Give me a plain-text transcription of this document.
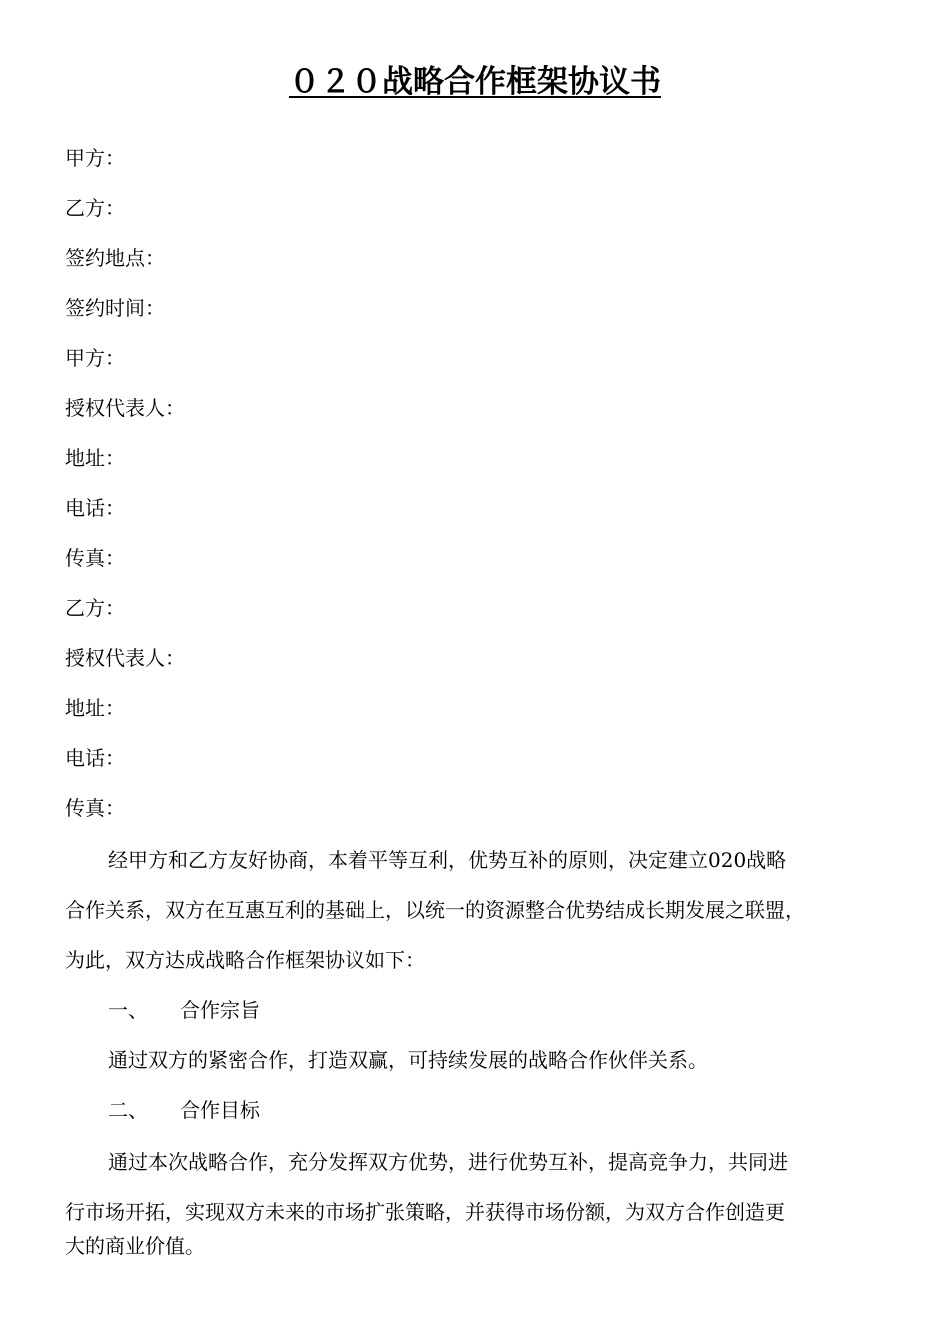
０２０战略合作框架协议书
甲方：
乙方：
签约地点：
签约时间：
甲方：
授权代表人：
地址：
电话：
传真：
乙方：
授权代表人：
地址：
电话：
传真：
经甲方和乙方友好协商，本着平等互利，优势互补的原则，决定建立020战略
合作关系，双方在互惠互利的基础上，以统一的资源整合优势结成长期发展之联盟，
为此，双方达成战略合作框架协议如下：
一、 合作宗旨
通过双方的紧密合作，打造双赢，可持续发展的战略合作伙伴关系。
二、 合作目标
通过本次战略合作，充分发挥双方优势，进行优势互补，提高竞争力，共同进
行市场开拓，实现双方未来的市场扩张策略，并获得市场份额，为双方合作创造更
大的商业价值。
